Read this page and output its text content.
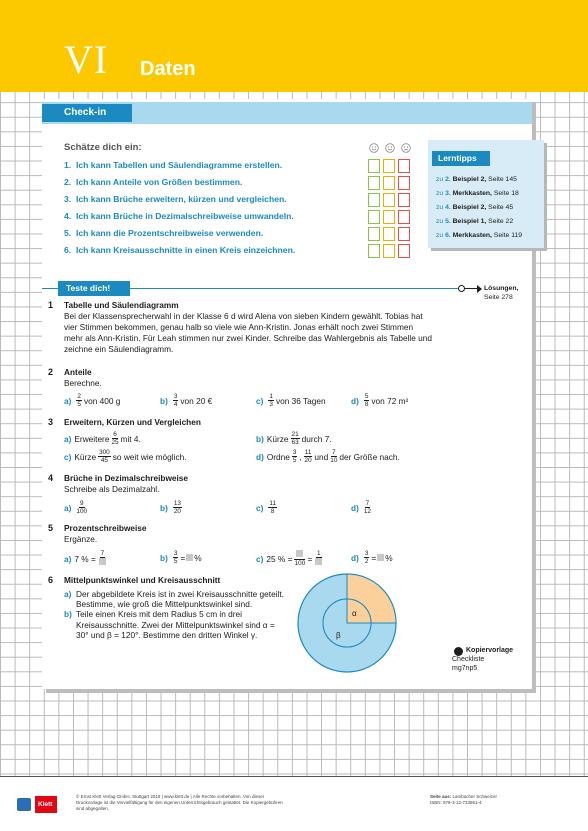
VI Daten
Check-in
Schätze dich ein:
1. Ich kann Tabellen und Säulendiagramme erstellen.
2. Ich kann Anteile von Größen bestimmen.
3. Ich kann Brüche erweitern, kürzen und vergleichen.
4. Ich kann Brüche in Dezimalschreibweise umwandeln.
5. Ich kann die Prozentschreibweise verwenden.
6. Ich kann Kreisausschnitte in einen Kreis einzeichnen.
Lerntipps
zu 2. Beispiel 2, Seite 145
zu 3. Merkkasten, Seite 18
zu 4. Beispiel 2, Seite 45
zu 5. Beispiel 1, Seite 22
zu 6. Merkkasten, Seite 119
Teste dich!	Lösungen,
Seite 278
1 Tabelle und Säulendiagramm
Bei der Klassensprecherwahl in der Klasse 6 d wird Alena von sieben Kindern gewählt. Tobias hat vier Stimmen bekommen, genau halb so viele wie Ann-Kristin. Jonas erhält noch zwei Stimmen mehr als Ann-Kristin. Für Leah stimmen nur zwei Kinder. Schreibe das Wahlergebnis als Tabelle und zeichne ein Säulendiagramm.
2 Anteile
Berechne.
$a) \frac{2}{5}$ von 400 g	$b) \frac{3}{4}$ von 20 €	$c) \frac{1}{3}$ von 36 Tagen	$d) \frac{5}{8}$ von 72 m²
3 Erweitern, Kürzen und Vergleichen
a) Erweitere $\frac{6}{25}$ mit 4.	b) Kürze $\frac{21}{63}$ durch 7.
c) Kürze $\frac{300}{45}$ so weit wie möglich.	d) Ordne $\frac{3}{5}$ , $\frac{11}{20}$ und $\frac{7}{10}$ der Größe nach.
4 Brüche in Dezimalschreibweise
Schreibe als Dezimalzahl.
$a) \frac{9}{100}$	$b) \frac{13}{20}$	$c) \frac{11}{8}$	$d) \frac{7}{12}$
5 Prozentschreibweise
Ergänze.
a) 7 % = 7	$b) \frac{3}{5}$ = %	c) 25 % = 100 = 1	$d) \frac{3}{2}$ = %
6 Mittelpunktswinkel und Kreisausschnitt
a) Der abgebildete Kreis ist in zwei Kreisausschnitte geteilt. Bestimme, wie groß die Mittelpunktswinkel sind.
b) Teile einen Kreis mit dem Radius 5 cm in drei Kreisausschnitte. Zwei der Mittelpunktswinkel sind α = 30° und β = 120°. Bestimme den dritten Winkel γ.
α
β
Kopiervorlage
Checkliste
mg7np5
Klett
© Ernst Klett Verlag GmbH, Stuttgart 2019 | www.klett.de | Alle Rechte vorbehalten. Von dieser Druckvorlage ist die Vervielfältigung für den eigenen Unterrichtsgebrauch gestattet. Die Kopiergebühren sind abgegolten.
Seite aus: Lambacher Schweizer
ISBN: 978-3-12-733861-4
